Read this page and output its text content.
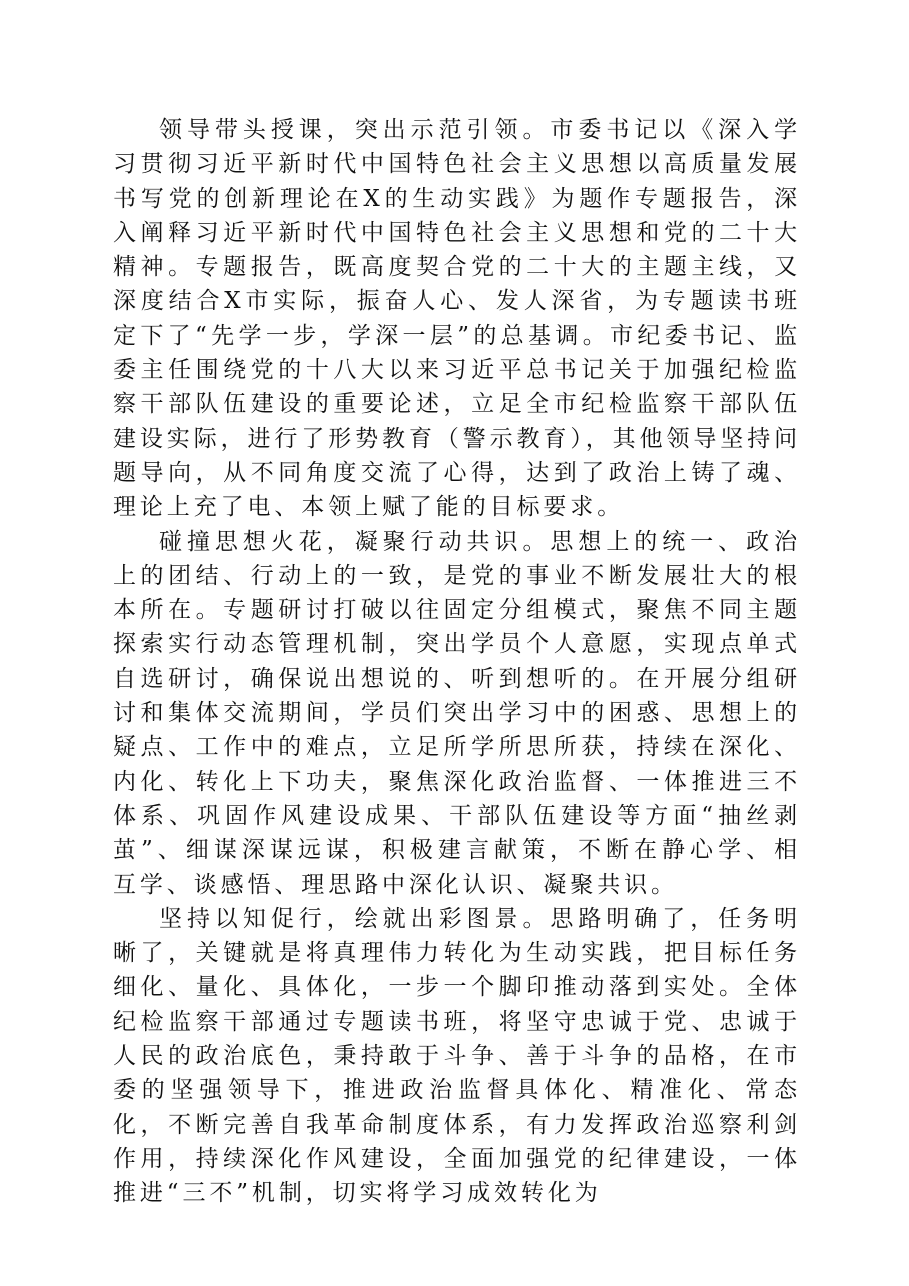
领导带头授课，突出示范引领。市委书记以《深入学习贯彻习近平新时代中国特色社会主义思想以高质量发展书写党的创新理论在X的生动实践》为题作专题报告，深入阐释习近平新时代中国特色社会主义思想和党的二十大精神。专题报告，既高度契合党的二十大的主题主线，又深度结合X市实际，振奋人心、发人深省，为专题读书班定下了“先学一步，学深一层”的总基调。市纪委书记、监委主任围绕党的十八大以来习近平总书记关于加强纪检监察干部队伍建设的重要论述，立足全市纪检监察干部队伍建设实际，进行了形势教育（警示教育），其他领导坚持问题导向，从不同角度交流了心得，达到了政治上铸了魂、理论上充了电、本领上赋了能的目标要求。

碰撞思想火花，凝聚行动共识。思想上的统一、政治上的团结、行动上的一致，是党的事业不断发展壮大的根本所在。专题研讨打破以往固定分组模式，聚焦不同主题探索实行动态管理机制，突出学员个人意愿，实现点单式自选研讨，确保说出想说的、听到想听的。在开展分组研讨和集体交流期间，学员们突出学习中的困惑、思想上的疑点、工作中的难点，立足所学所思所获，持续在深化、内化、转化上下功夫，聚焦深化政治监督、一体推进三不体系、巩固作风建设成果、干部队伍建设等方面“抽丝剥茧”、细谋深谋远谋，积极建言献策，不断在静心学、相互学、谈感悟、理思路中深化认识、凝聚共识。

坚持以知促行，绘就出彩图景。思路明确了，任务明晰了，关键就是将真理伟力转化为生动实践，把目标任务细化、量化、具体化，一步一个脚印推动落到实处。全体纪检监察干部通过专题读书班，将坚守忠诚于党、忠诚于人民的政治底色，秉持敢于斗争、善于斗争的品格，在市委的坚强领导下，推进政治监督具体化、精准化、常态化，不断完善自我革命制度体系，有力发挥政治巡察利剑作用，持续深化作风建设，全面加强党的纪律建设，一体推进“三不”机制，切实将学习成效转化为
